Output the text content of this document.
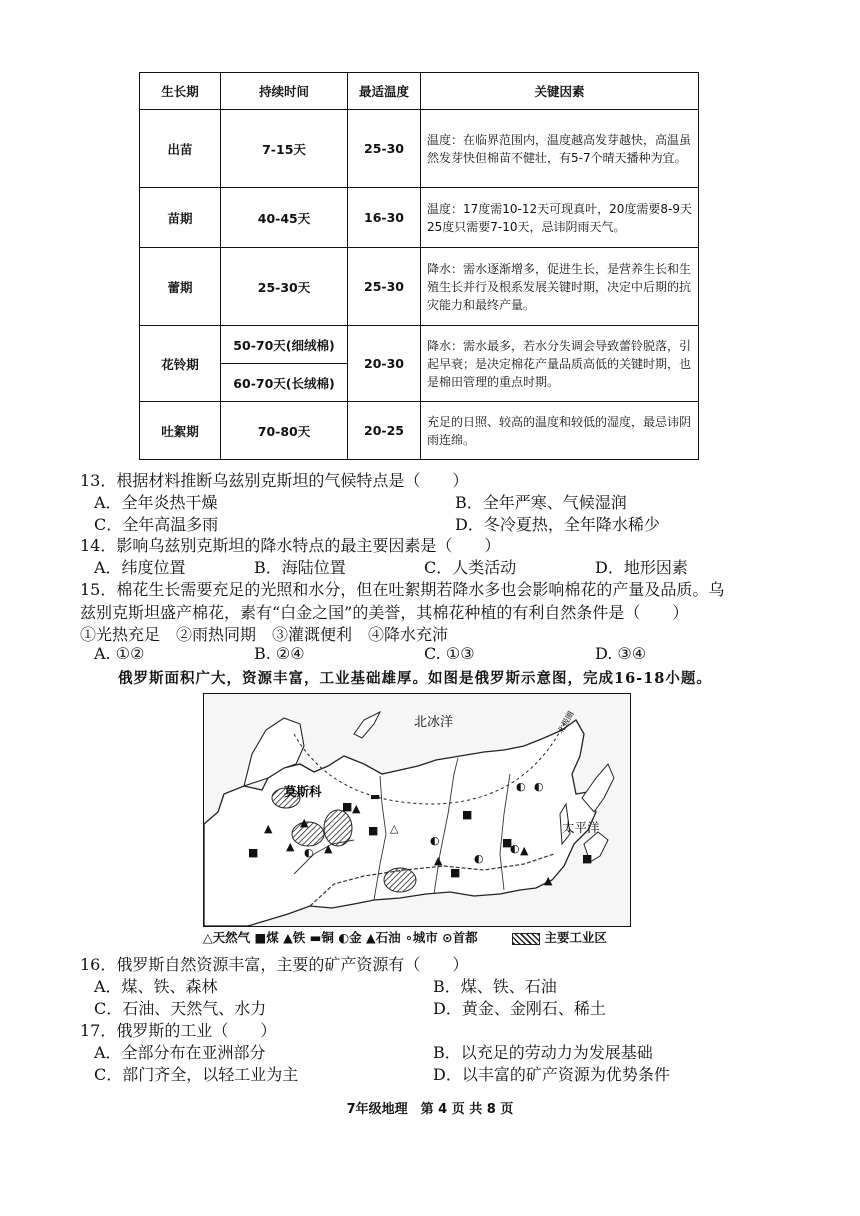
生长期	持续时间	最适温度	关键因素
出苗	7-15天	25-30	温度：在临界范围内，温度越高发芽越快，高温虽然发芽快但棉苗不健壮，有5-7个晴天播种为宜。
苗期	40-45天	16-30	温度：17度需10-12天可现真叶，20度需要8-9天25度只需要7-10天，忌讳阴雨天气。
蕾期	25-30天	25-30	降水：需水逐渐增多，促进生长，是营养生长和生殖生长并行及根系发展关键时期，决定中后期的抗灾能力和最终产量。
花铃期	50-70天(细绒棉)	20-30	降水：需水最多，若水分失调会导致蕾铃脱落，引起早衰；是决定棉花产量品质高低的关键时期，也是棉田管理的重点时期。
	60-70天(长绒棉)		
吐絮期	70-80天	20-25	充足的日照、较高的温度和较低的湿度，最忌讳阴雨连绵。
13．根据材料推断乌兹别克斯坦的气候特点是（　　）
A．全年炎热干燥	B．全年严寒、气候湿润
C．全年高温多雨	D．冬冷夏热，全年降水稀少
14．影响乌兹别克斯坦的降水特点的最主要因素是（　　）
A．纬度位置	B．海陆位置	C．人类活动	D．地形因素
15．棉花生长需要充足的光照和水分，但在吐絮期若降水多也会影响棉花的产量及品质。乌
兹别克斯坦盛产棉花，素有“白金之国”的美誉，其棉花种植的有利自然条件是（　　）
①光热充足　②雨热同期　③灌溉便利　④降水充沛
A. ①②	B. ②④	C. ①③	D. ③④
俄罗斯面积广大，资源丰富，工业基础雄厚。如图是俄罗斯示意图，完成16-18小题。
▲
■
▲
■ ▲
▬
△
■
◐
■
◐
◐
◐ ▲
▲
■
◐
■
■
▲
▲ ◐
▲
北冰洋
莫斯科
太平洋
北极圈
△天然气 ■煤 ▲铁 ▬铜 ◐金 ▲石油 ∘城市 ⊙首都	主要工业区
16．俄罗斯自然资源丰富，主要的矿产资源有（　　）
A．煤、铁、森林	B．煤、铁、石油
C．石油、天然气、水力	D．黄金、金刚石、稀土
17．俄罗斯的工业（　　）
A．全部分布在亚洲部分	B．以充足的劳动力为发展基础
C．部门齐全，以轻工业为主	D．以丰富的矿产资源为优势条件
7年级地理　第 4 页 共 8 页
